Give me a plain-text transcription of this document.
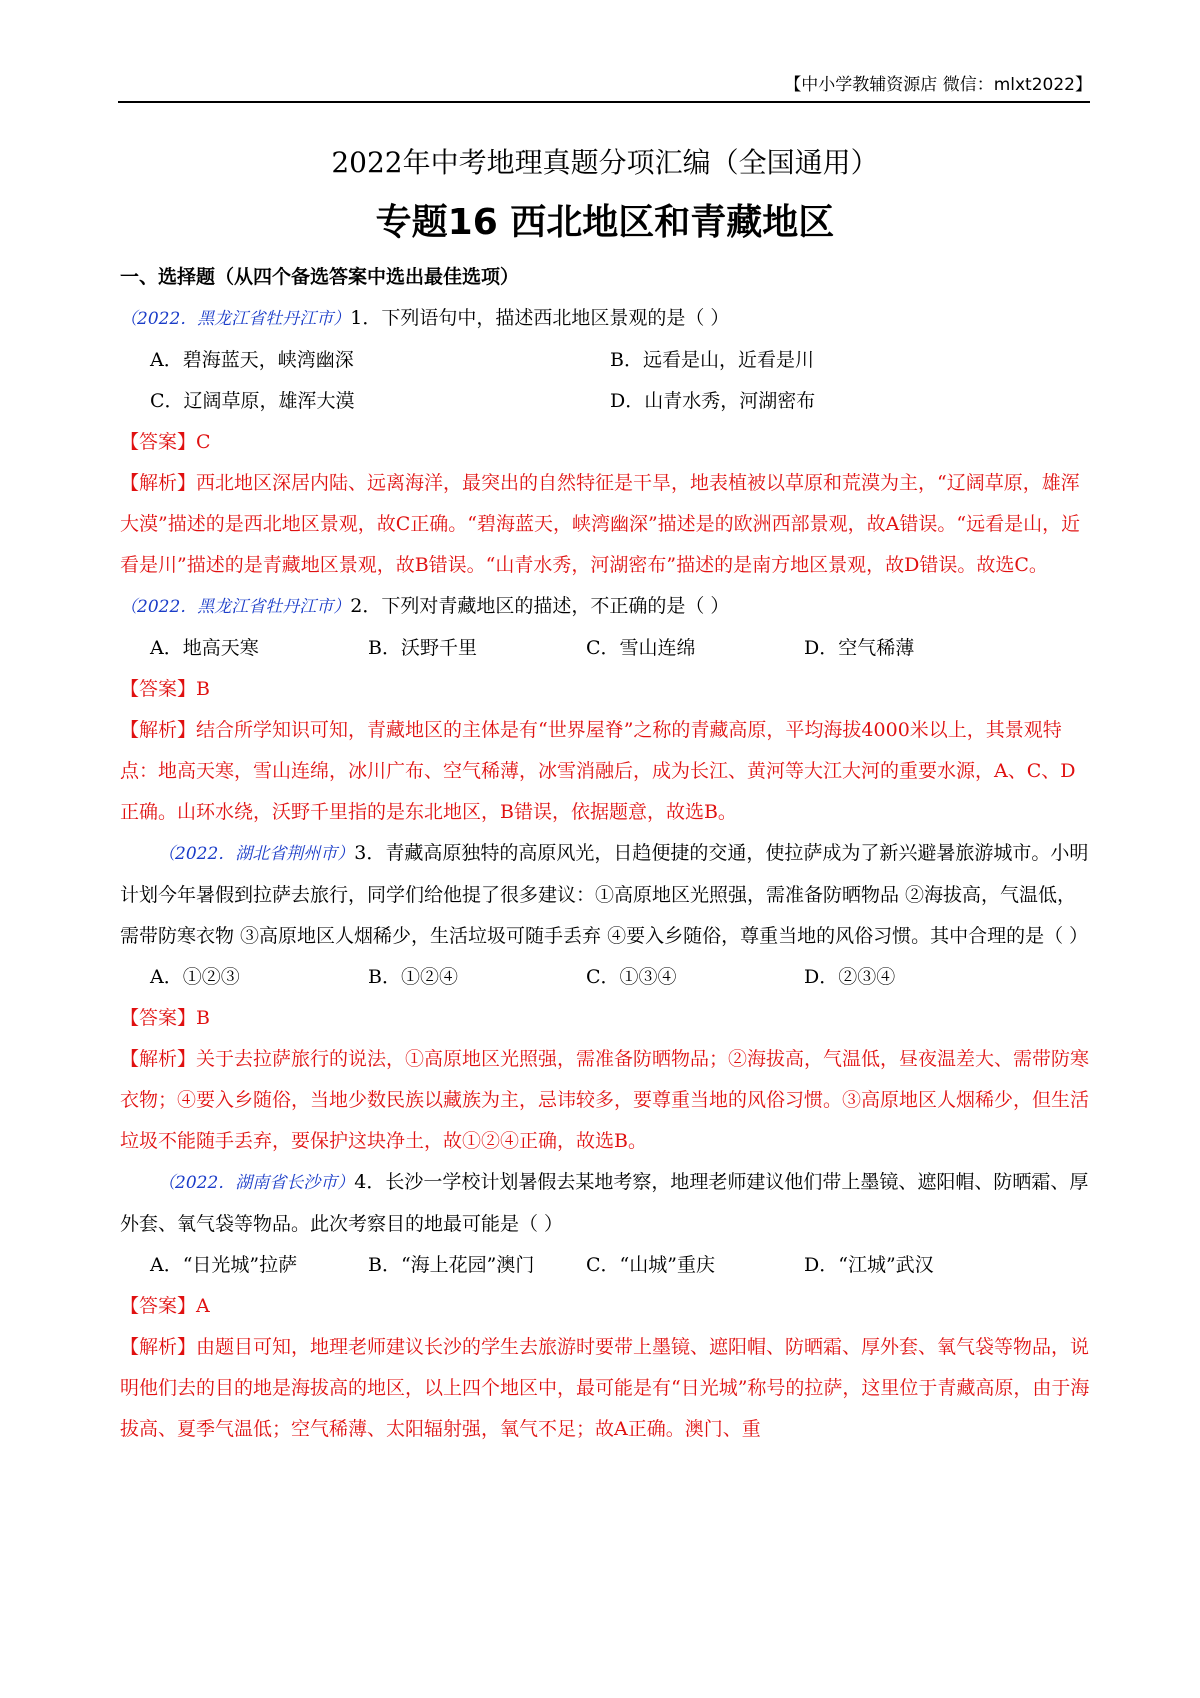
【中小学教辅资源店 微信：mlxt2022】
2022年中考地理真题分项汇编（全国通用）
专题16 西北地区和青藏地区
一、选择题（从四个备选答案中选出最佳选项）
（2022．黑龙江省牡丹江市）1．下列语句中，描述西北地区景观的是（ ）
A．碧海蓝天，峡湾幽深	B．远看是山，近看是川
C．辽阔草原，雄浑大漠	D．山青水秀，河湖密布
【答案】C
【解析】西北地区深居内陆、远离海洋，最突出的自然特征是干旱，地表植被以草原和荒漠为主，“辽阔草原，雄浑大漠”描述的是西北地区景观，故C正确。“碧海蓝天，峡湾幽深”描述是的欧洲西部景观，故A错误。“远看是山，近看是川”描述的是青藏地区景观，故B错误。“山青水秀，河湖密布”描述的是南方地区景观，故D错误。故选C。
（2022．黑龙江省牡丹江市）2．下列对青藏地区的描述，不正确的是（ ）
A．地高天寒	B．沃野千里	C．雪山连绵	D．空气稀薄
【答案】B
【解析】结合所学知识可知，青藏地区的主体是有“世界屋脊”之称的青藏高原，平均海拔4000米以上，其景观特点：地高天寒，雪山连绵，冰川广布、空气稀薄，冰雪消融后，成为长江、黄河等大江大河的重要水源，A、C、D正确。山环水绕，沃野千里指的是东北地区，B错误，依据题意，故选B。
（2022．湖北省荆州市）3．青藏高原独特的高原风光，日趋便捷的交通，使拉萨成为了新兴避暑旅游城市。小明计划今年暑假到拉萨去旅行，同学们给他提了很多建议：①高原地区光照强，需准备防晒物品 ②海拔高，气温低，需带防寒衣物 ③高原地区人烟稀少，生活垃圾可随手丢弃 ④要入乡随俗，尊重当地的风俗习惯。其中合理的是（ ）
A．①②③	B．①②④	C．①③④	D．②③④
【答案】B
【解析】关于去拉萨旅行的说法，①高原地区光照强，需准备防晒物品；②海拔高，气温低，昼夜温差大、需带防寒衣物；④要入乡随俗，当地少数民族以藏族为主，忌讳较多，要尊重当地的风俗习惯。③高原地区人烟稀少，但生活垃圾不能随手丢弃，要保护这块净土，故①②④正确，故选B。
（2022．湖南省长沙市）4．长沙一学校计划暑假去某地考察，地理老师建议他们带上墨镜、遮阳帽、防晒霜、厚外套、氧气袋等物品。此次考察目的地最可能是（ ）
A．“日光城”拉萨	B．“海上花园”澳门	C．“山城”重庆	D．“江城”武汉
【答案】A
【解析】由题目可知，地理老师建议长沙的学生去旅游时要带上墨镜、遮阳帽、防晒霜、厚外套、氧气袋等物品，说明他们去的目的地是海拔高的地区，以上四个地区中，最可能是有“日光城”称号的拉萨，这里位于青藏高原，由于海拔高、夏季气温低；空气稀薄、太阳辐射强，氧气不足；故A正确。澳门、重
